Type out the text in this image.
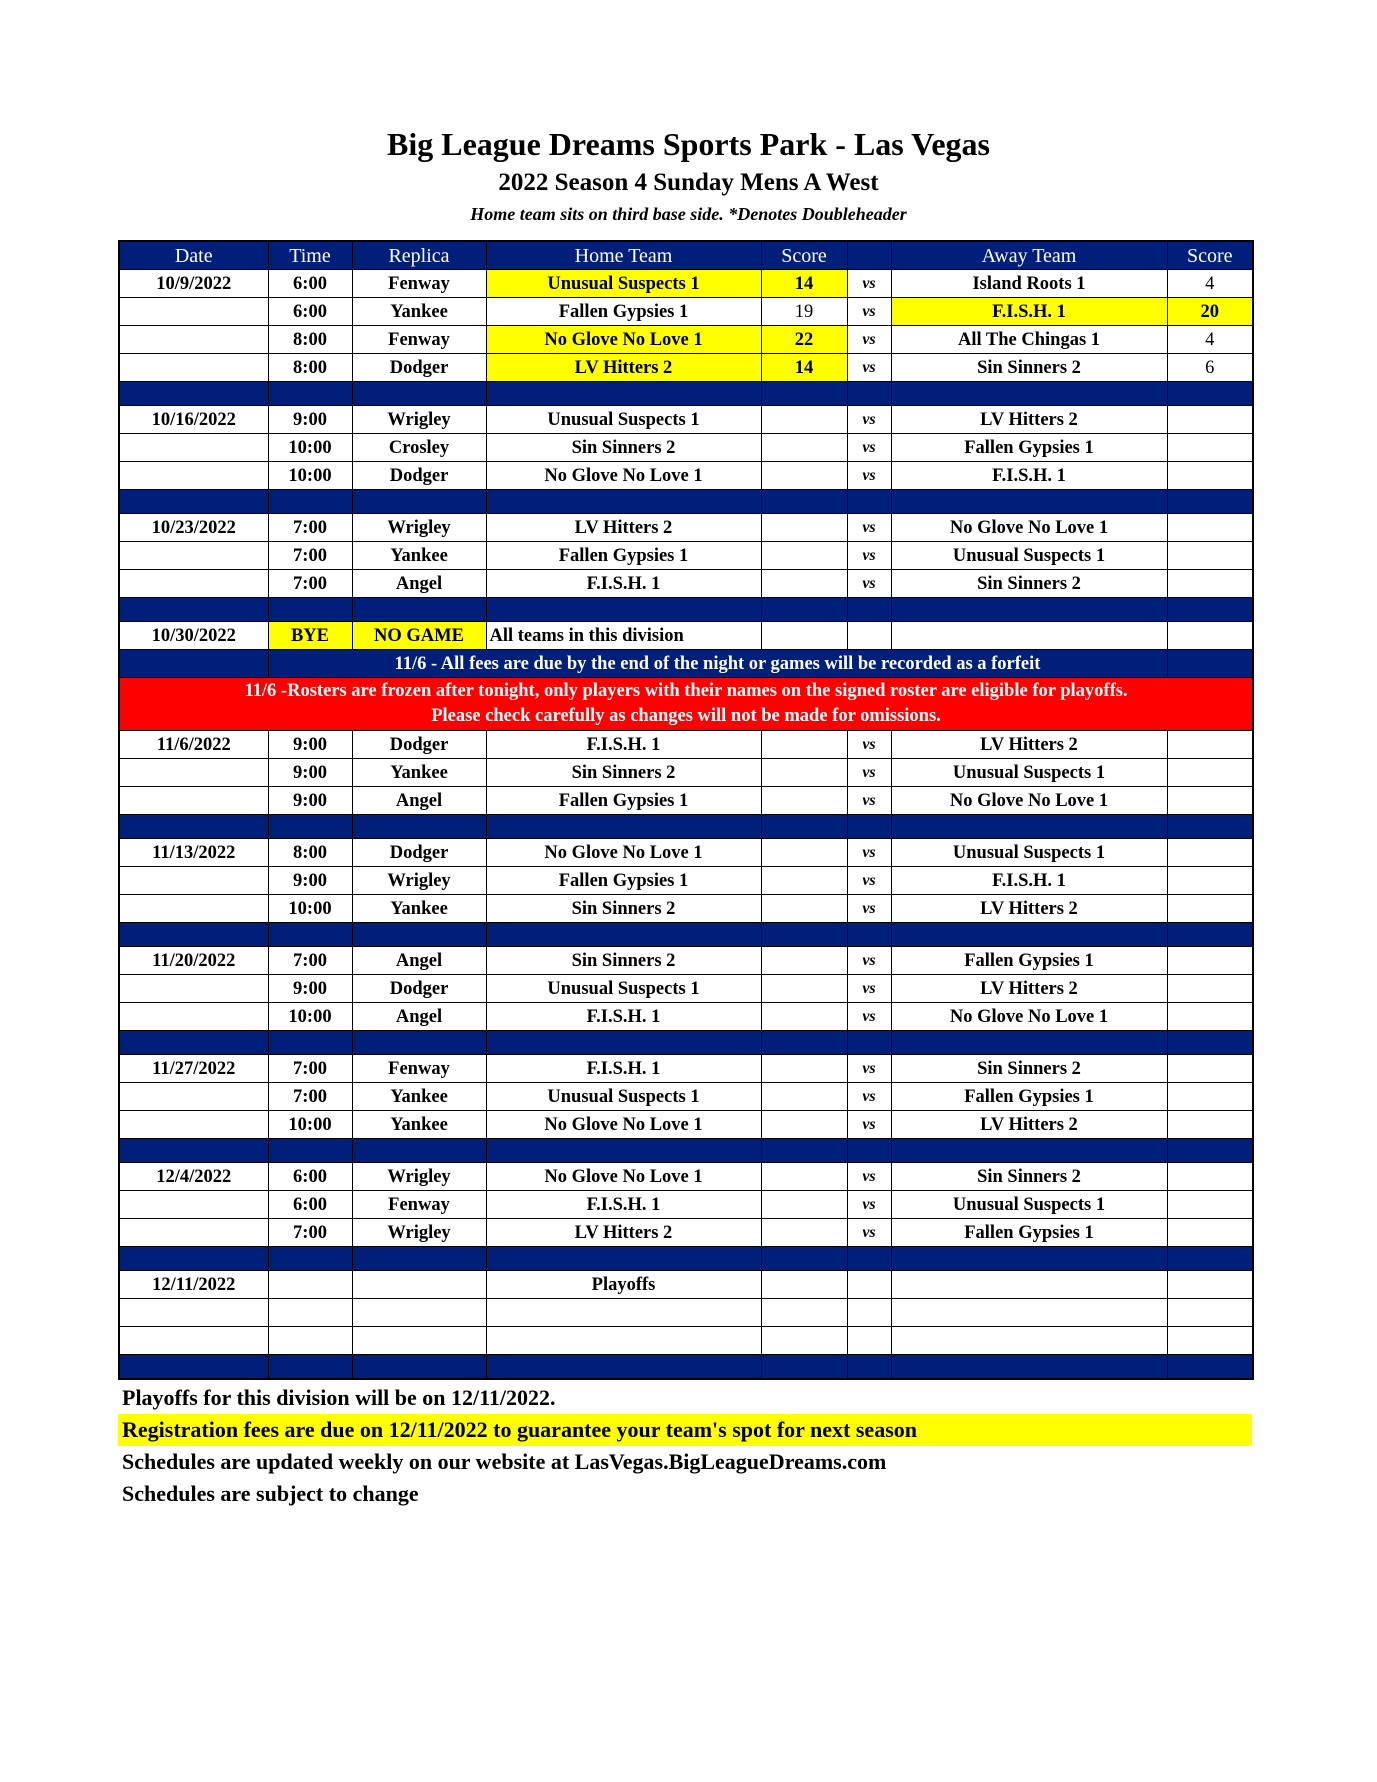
Big League Dreams Sports Park - Las Vegas
2022 Season 4 Sunday Mens A West
Home team sits on third base side. *Denotes Doubleheader
Date	Time	Replica	Home Team	Score		Away Team	Score
10/9/2022	6:00	Fenway	Unusual Suspects 1	14	vs	Island Roots 1	4
	6:00	Yankee	Fallen Gypsies 1	19	vs	F.I.S.H. 1	20
	8:00	Fenway	No Glove No Love 1	22	vs	All The Chingas 1	4
	8:00	Dodger	LV Hitters 2	14	vs	Sin Sinners 2	6

10/16/2022	9:00	Wrigley	Unusual Suspects 1		vs	LV Hitters 2	
	10:00	Crosley	Sin Sinners 2		vs	Fallen Gypsies 1	
	10:00	Dodger	No Glove No Love 1		vs	F.I.S.H. 1	

10/23/2022	7:00	Wrigley	LV Hitters 2		vs	No Glove No Love 1	
	7:00	Yankee	Fallen Gypsies 1		vs	Unusual Suspects 1	
	7:00	Angel	F.I.S.H. 1		vs	Sin Sinners 2	

10/30/2022	BYE	NO GAME	All teams in this division				
	11/6 - All fees are due by the end of the night or games will be recorded as a forfeit						

11/6 -Rosters are frozen after tonight, only players with their names on the signed roster are eligible for playoffs.
Please check carefully as changes will not be made for omissions.							

11/6/2022	9:00	Dodger	F.I.S.H. 1		vs	LV Hitters 2	
	9:00	Yankee	Sin Sinners 2		vs	Unusual Suspects 1	
	9:00	Angel	Fallen Gypsies 1		vs	No Glove No Love 1	

11/13/2022	8:00	Dodger	No Glove No Love 1		vs	Unusual Suspects 1	
	9:00	Wrigley	Fallen Gypsies 1		vs	F.I.S.H. 1	
	10:00	Yankee	Sin Sinners 2		vs	LV Hitters 2	

11/20/2022	7:00	Angel	Sin Sinners 2		vs	Fallen Gypsies 1	
	9:00	Dodger	Unusual Suspects 1		vs	LV Hitters 2	
	10:00	Angel	F.I.S.H. 1		vs	No Glove No Love 1	

11/27/2022	7:00	Fenway	F.I.S.H. 1		vs	Sin Sinners 2	
	7:00	Yankee	Unusual Suspects 1		vs	Fallen Gypsies 1	
	10:00	Yankee	No Glove No Love 1		vs	LV Hitters 2	

12/4/2022	6:00	Wrigley	No Glove No Love 1		vs	Sin Sinners 2	
	6:00	Fenway	F.I.S.H. 1		vs	Unusual Suspects 1	
	7:00	Wrigley	LV Hitters 2		vs	Fallen Gypsies 1	

12/11/2022			Playoffs				

Playoffs for this division will be on 12/11/2022.
Registration fees are due on 12/11/2022 to guarantee your team's spot for next season
Schedules are updated weekly on our website at LasVegas.BigLeagueDreams.com
Schedules are subject to change
